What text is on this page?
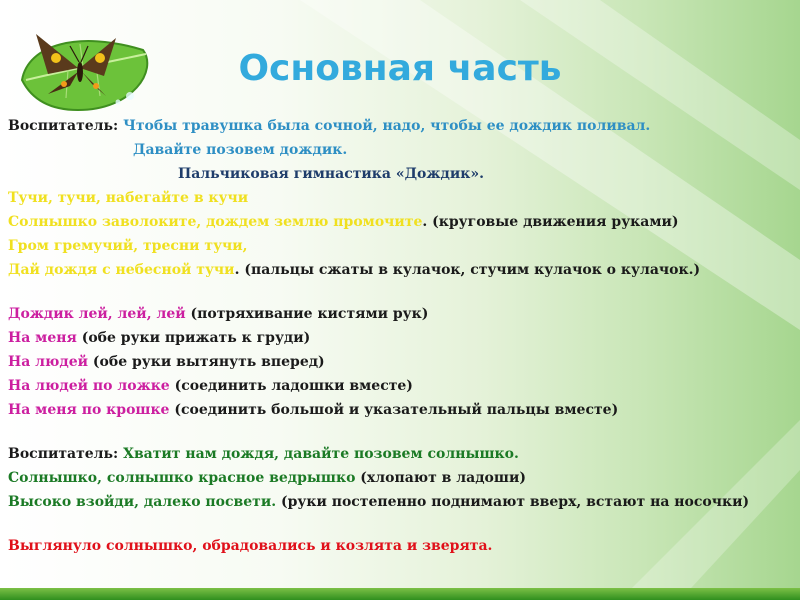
Основная часть
Воспитатель: Чтобы травушка была сочной, надо, чтобы ее дождик поливал.
Давайте позовем дождик.
Пальчиковая гимнастика «Дождик».
Тучи, тучи, набегайте в кучи
Солнышко заволоките, дождем землю промочите. (круговые движения руками)
Гром гремучий, тресни тучи,
Дай дождя с небесной тучи. (пальцы сжаты в кулачок, стучим кулачок о кулачок.)
Дождик лей, лей, лей (потряхивание кистями рук)
На меня (обе руки прижать к груди)
На людей (обе руки вытянуть вперед)
На людей по ложке (соединить ладошки вместе)
На меня по крошке (соединить большой и указательный пальцы вместе)
Воспитатель: Хватит нам дождя, давайте позовем солнышко.
Солнышко, солнышко красное ведрышко (хлопают в ладоши)
Высоко взойди, далеко посвети. (руки постепенно поднимают вверх, встают на носочки)
Выглянуло солнышко, обрадовались и козлята и зверята.
